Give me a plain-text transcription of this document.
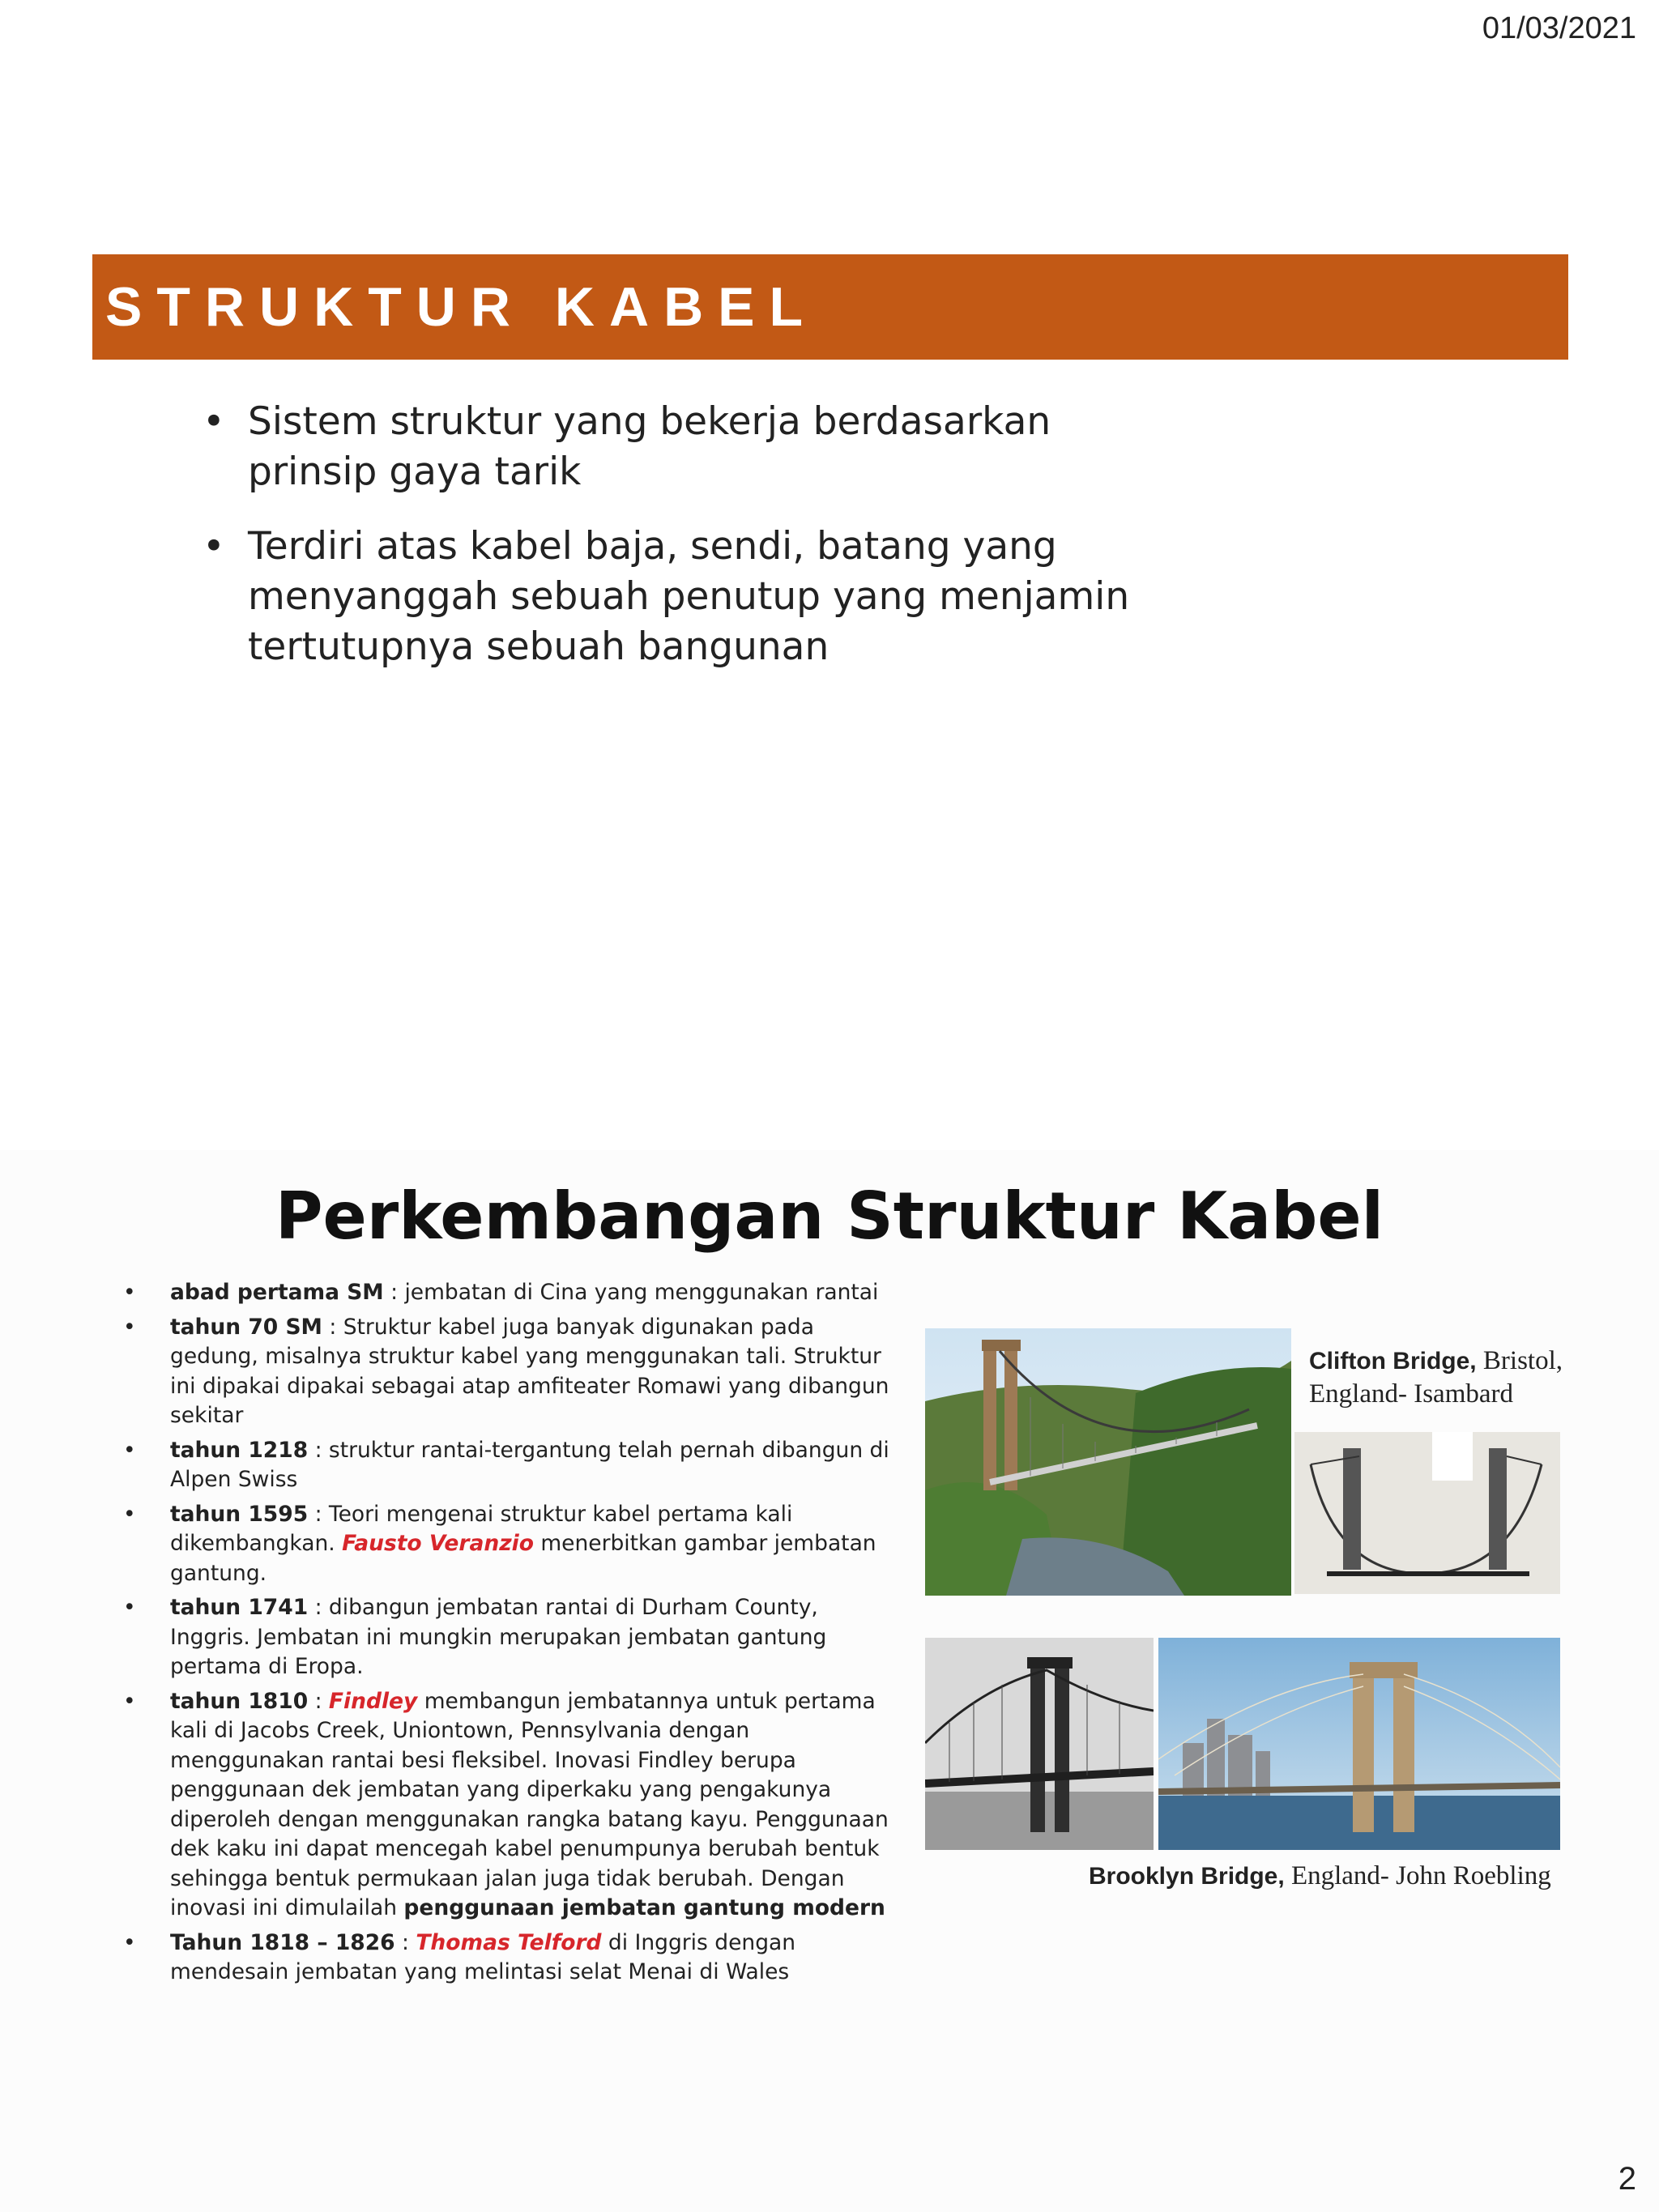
01/03/2021
STRUKTUR KABEL
• Sistem struktur yang bekerja berdasarkan prinsip gaya tarik
• Terdiri atas kabel baja, sendi, batang yang menyanggah sebuah penutup yang menjamin tertutupnya sebuah bangunan
Perkembangan Struktur Kabel
• abad pertama SM : jembatan di Cina yang menggunakan rantai
• tahun 70 SM : Struktur kabel juga banyak digunakan pada gedung, misalnya struktur kabel yang menggunakan tali. Struktur ini dipakai dipakai sebagai atap amfiteater Romawi yang dibangun sekitar
• tahun 1218 : struktur rantai-tergantung telah pernah dibangun di Alpen Swiss
• tahun 1595 : Teori mengenai struktur kabel pertama kali dikembangkan. Fausto Veranzio menerbitkan gambar jembatan gantung.
• tahun 1741 : dibangun jembatan rantai di Durham County, Inggris. Jembatan ini mungkin merupakan jembatan gantung pertama di Eropa.
• tahun 1810 : Findley membangun jembatannya untuk pertama kali di Jacobs Creek, Uniontown, Pennsylvania dengan menggunakan rantai besi fleksibel. Inovasi Findley berupa penggunaan dek jembatan yang diperkaku yang pengakunya diperoleh dengan menggunakan rangka batang kayu. Penggunaan dek kaku ini dapat mencegah kabel penumpunya berubah bentuk sehingga bentuk permukaan jalan juga tidak berubah. Dengan inovasi ini dimulailah penggunaan jembatan gantung modern
• Tahun 1818 – 1826 : Thomas Telford di Inggris dengan mendesain jembatan yang melintasi selat Menai di Wales
Clifton Bridge, Bristol,
England- Isambard
Brooklyn Bridge, England- John Roebling
2
